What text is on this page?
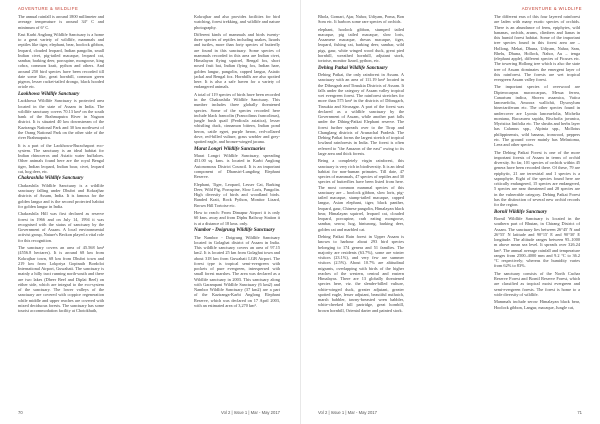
ADVENTURE & WILDLIFE	ADVENTURE & WILDLIFE

The annual rainfall is around 1800 millimeter and average temperature is around 34° C and minimum of 6° C.

East Karbi Anglong Wildlife Sanctuary is a home to a great variety of wildlife, mammals and reptiles like tiger, elephant, bear, hoolock gibbon, leopard, clouded leopard, Indian pangolin, small Indian civet, pig-tailed macaque, leopard cat, sambar, barking deer, porcupine, mongoose, king cobra, common krait, python and others. And around 250 bird species have been recorded till date some like, great hornbill, common green pigeon, lesser racket-tailed drongo, black hooded oriole etc.

Laokhowa Wildlife Sanctuary

Laokhowa Wildlife Sanctuary is protected area located in the state of Assam in India. The wildlife sanctuary covers 70.13 km² on the south bank of the Brahmaputra River in Nagaon district. It is situated 40 km downstream of the Kaziranga National Park and 30 km northwest of the Orang National Park on the other side of the river Brahmaputra.

It is a part of the Laokhowa-Burachapori eco-system. The sanctuary is an ideal habitat for Indian rhinoceros and Asiatic water buffaloes. Other animals found here are the royal Bengal tiger, Indian leopard, Indian boar, civet, leopard cat, hog deer, etc.

Chakrashila Wildlife Sanctuary

Chakrashila Wildlife Sanctuary is a wildlife sanctuary falling under Dhubri and Kokrajhar districts of Assam, India. It is famous for the golden langur and is the second protected habitat for golden langur in India.

Chakrashila Hill was first declared as reserve forest in 1966 and on July 14, 1994 it was recognised with the status of sanctuary by the Government of Assam. A local environmental activist group, Nature's Beckon played a vital role for this recognition.

The sanctuary covers an area of 45.568 km² (4556.8 hectares). It is around 68 km from Kokrajhar town, 68 km from Dhubri town and 219 km from Lokpriya Gopinath Bordoloi International Airport, Guwahati. The sanctuary is mainly a hilly tract running north-south and there are two lakes (Dheer Beel and Diplai Beel) on either side, which are integral to the eco-system of the sanctuary. The lower valleys of the sanctuary are covered with coppice regeneration while middle and upper reaches are covered with mixed deciduous forests. The sanctuary has some tourist accommodation facility at Chotokhuth,

Kokrajhar and also provides facilities for bird watching, forest trekking, and wildlife and nature photography.

Different kinds of mammals and birds twenty-three species of reptiles including snakes, lizards and turtles, more than forty species of butterfly are found in this sanctuary. Some species of mammals recorded in this area are Indian civet, Himalayan flying squirrel, Bengal fox, short nosed fruit bat, Indian flying fox, Indian hare, golden langur, pangolin, capped langur, Asiatic jackal and Bengal fox. Hornbills are also spotted here. It is also a safe haven for a variety of endangered animals.

A total of 119 species of birds have been recorded in the Chakrashila Wildlife Sanctuary. This number includes three globally threatened species. Some of the species recorded here include black francolin (Francolinus francolinus), jungle bush quail (Perdicula asiatica), lesser whistling duck, cinnamon bittern, Indian pond heron, cattle egret, purple heron, red-collared dove, red-billed vulture, grass warbler and grey-spotted eagle, and bronze-winged jacana.

Marat Longri Wildlife Sanctuaries

Marat Longri Wildlife Sanctuary, spreading 451.00 sq. kms. is located in Karbi Anglong Autonomous District Council. It is an important component of Dhansiri-Lungding Elephant Reserve.

Elephant, Tiger, Leopard, Lesser Cat, Barking Deer, Wild Pig, Porcupine, Slow Loris, Pangolin. High diversity of birds and woodland birds. Banded Krait, Rock Python, Monitor Lizard, Brown Hill Tortoise etc.

How to reach: From Dimapur Airport it is only 60 kms. away and from Diphu Railway Station it is at a distance of 18 kms. only.

Nambor - Doigrung Wildlife Sanctuary

The Nambor - Doigrung Wildlife Sanctuary located in Golaghat district of Assam in India. This wildlife sanctuary covers an area of 97.15 km2. It is located 25 km from Golaghat town and about 318 km from Guwahati LGB Airport. The forest type is tropical semi-evergreen with pockets of pure evergreen, interspersed with small forest marshes. The area was declared as a Wildlife sanctuary in 2003. This sanctuary along with Garampani Wildlife Sanctuary (6 km2) and Nambor Wildlife Sanctuary (37 km2) are a part of the Kaziranga-Karbi Anglong Elephant Reserve, which was declared on 17 April 2003, with an estimated area of 3,270 km².

Bhola, Gomari, Ajar, Nahor, Udiyam, Poma, Bon Som etc. It harbors some rare species of orchids.

elephant, hoolock gibbon, stumped tailed macaque, pig tailed macaque, slow loris, Assamese macaque, rhesus macaque, tiger, leopard, fishing cat, barking deer, sambar, wild pigs, gaur, white winged wood duck, great pied hornbill, wreathed hornbill, adjutant stork, tortoise, monitor lizard, python, etc.

Dehing Patkai Wildlife Sanctuary

Dehing Patkai, the only rainforest in Assam. A sanctuary with an area of 111.19 km² located in the Dibrugarh and Tinsukia Districts of Assam. It falls under the category of Assam valley tropical wet evergreen forest. The rainforest stretches for more than 575 km² in the districts of Dibrugarh, Tinsukia and Sivasagar. A part of the forest was declared as a wildlife sanctuary by the Government of Assam, while another part falls under the Dihing-Patkai Elephant reserve. The forest further spreads over to the Tirap and Changlang districts of Arunachal Pradesh. The Dehing Patkai forms the largest stretch of tropical lowland rainforests in India. The forest is often referred to "the Amazon of the east" owing to its large area and thick forests.

Being a completely virgin rainforest, this sanctuary is very rich in biodiversity. It is an ideal habitat for non-human primates. Till date, 47 species of mammals, 47 species of reptiles and 30 species of butterflies have been listed from here. The most common mammal species of this sanctuary are – hoolock gibbon, slow loris, pig-tailed macaque, stump-tailed macaque, capped langur, Asian elephant, tiger, black panther, leopard, gaur, Chinese pangolin, Himalayan black bear, Himalayan squirrel, leopard cat, clouded leopard, porcupine, crab eating mongoose, sambar, serow, hog, binturong, barking deer, golden cat and marbled cat.

Dehing Patkai Rain forest in Upper Assam is known to harbour about 293 bird species belonging to 174 genera and 51 families. The majority are residents (63.7%), some are winter visitors (23.1%), and very few are summer visitors (2.5%). About 10.7% are altitudinal migrants, overlapping with birds of the higher reaches of the western, central and eastern Himalayas. There are 13 globally threatened species here, viz. the slender-billed vulture, white-winged duck, greater adjutant, greater spotted eagle, lesser adjutant, beautiful nuthatch, marsh babbler, tawny-breasted wren babbler, white-cheeked hill partridge, great hornbill, brown hornbill, Oriental darter and painted stork.

The different eras of this four layered rainforest are laden with many exotic species of orchids. There is an abundance of ferns, epiphytes, wild bananas, orchids, arums, climbers and lianas in this humid forest habitat. Some of the important tree species found in this forest area are – Hollong, Mekai, Dhuna, Udiyam, Nahar, Sam, Bhelu, Dhuna, Hollock, Nahor, Au – tenga (elephant apple), different species of Ficuses etc. The towering Hollong tree which is also the state tree of Assam dominates the emergent layer of this rainforest. The forests are wet tropical evergreen Assam valley forest.

The important species of overwood are Dipterocarpus macrocarpus, Mesua ferrea, Canarium indica, Shorea assamica, Vatica lanceaefolia, Amoora wallichii, Dysoxylum binectariferum etc. The other species found in undercover are Lyonia lanceaefolia, Michelia montana, Baccaurea sapida, Bischofia javanica, Myristica linifolia etc. The shrubs and herbs layer has Calamus spp., Alpinia spp., Mollotus philippinensis, wild banana, ironwood, peppers etc. The ground cover mainly has Melastoma, Leea and other species.

The Dehing Patkai Forest is one of the more important forests of Assam in terms of orchid diversity. So far, 101 species of orchids within 45 genera have been recorded there. Of these, 79 are epiphytic, 21 are terrestrial and 1 species is a saprophyte. Eight of the species found here are critically endangered, 15 species are endangered, 5 species are near threatened and 28 species are in the vulnerable category. Dehing Patkai Forest has the distinction of several new orchid records for the region.

Bornil Wildlife Sanctuary

Bornil Wildlife Sanctuary is located in the southern part of Bhutan, in Chirang District of Assam. The sanctuary lies between 26°45' N and 26°55' N latitude and 90°15' E and 90°30' E longitude. The altitude ranges between 95–1000 m above mean sea level. It spreads over 326.24 km². The annual average rainfall and temperature ranges from 2500–4000 mm and 9.2 °C to 36.2 °C respectively; whereas the humidity varies from 62% to 83%.

The sanctuary consists of the North Cachar Reserve Forest and Bornil Reserve Forest, which are classified as tropical moist evergreen and semi-evergreen forests. The forest is home to a wide diversity of wildlife.

Mammals include serow Himalayan black bear, Hoolock gibbon, Langur, macaque, Jungle cat,

70	Vol 2 | Issue 1 | Mar - May 2017	Vol 2 | Issue 1 | Mar - May 2017	71
